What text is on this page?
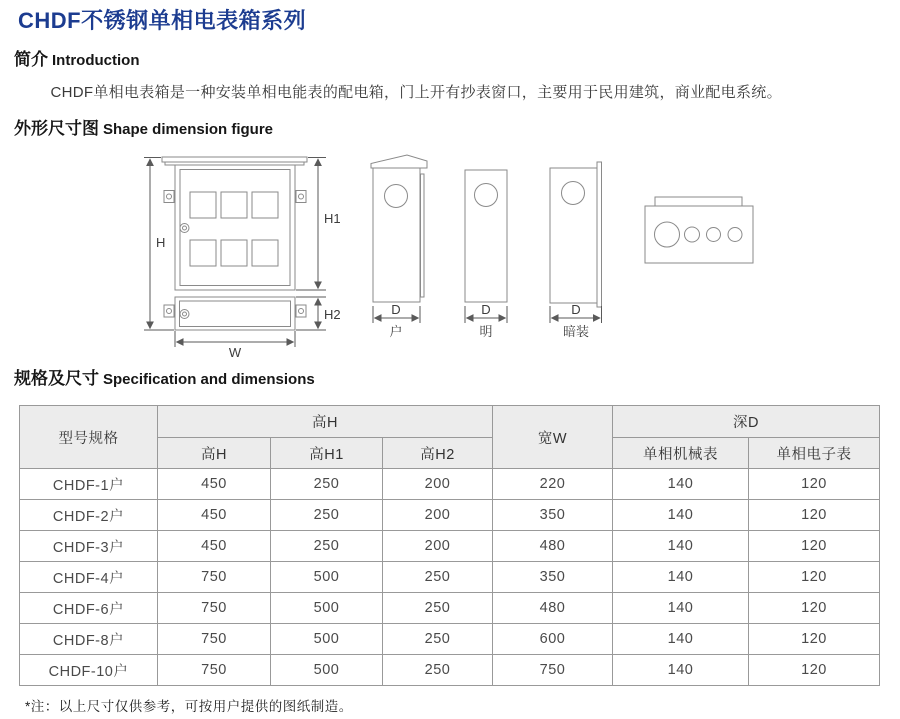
CHDF不锈钢单相电表箱系列
简介 Introduction

CHDF单相电表箱是一种安装单相电能表的配电箱，门上开有抄表窗口，主要用于民用建筑，商业配电系统。

外形尺寸图 Shape dimension figure
H
H1
H2
W
D
户
D
明
D
暗装
规格及尺寸 Specification and dimensions
型号规格	高H			宽W	深D	
	高H	高H1	高H2		单相机械表	单相电子表
CHDF-1户	450	250	200	220	140	120
CHDF-2户	450	250	200	350	140	120
CHDF-3户	450	250	200	480	140	120
CHDF-4户	750	500	250	350	140	120
CHDF-6户	750	500	250	480	140	120
CHDF-8户	750	500	250	600	140	120
CHDF-10户	750	500	250	750	140	120

*注：以上尺寸仅供参考，可按用户提供的图纸制造。
